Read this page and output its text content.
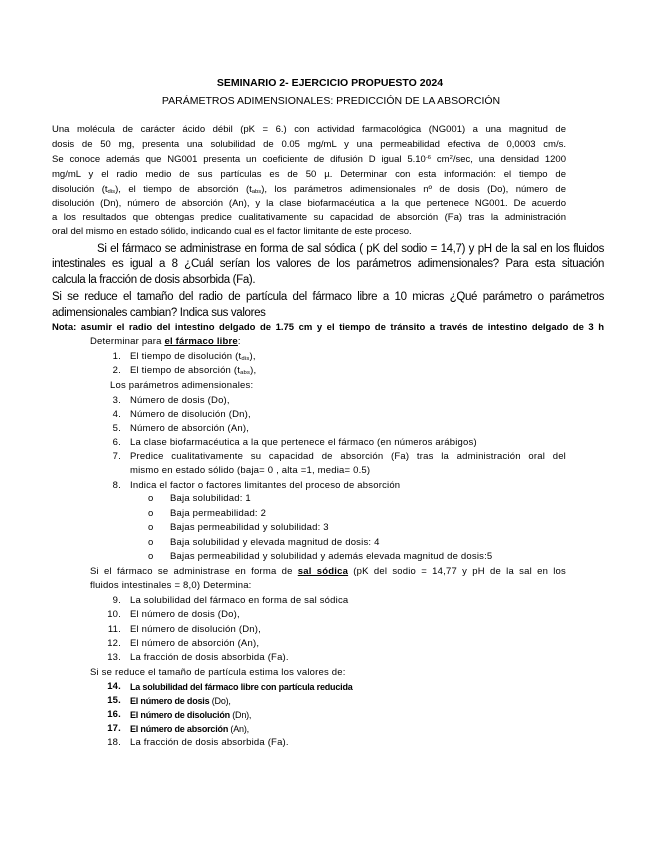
SEMINARIO 2- EJERCICIO PROPUESTO 2024
PARÁMETROS ADIMENSIONALES: PREDICCIÓN DE LA ABSORCIÓN
Una molécula de carácter ácido débil (pK = 6.) con actividad farmacológica (NG001) a una magnitud de
dosis de 50 mg, presenta una solubilidad de 0.05 mg/mL y una permeabilidad efectiva de 0,0003 cm/s.
Se conoce además que NG001 presenta un coeficiente de difusión D igual $5.10^{-6}$ $cm^2/\sec$, una densidad 1200
mg/mL y el radio medio de sus partículas es de 50 µ. Determinar con esta información: el tiempo de
disolución $(t_{dis})$, el tiempo de absorción $(t_{abs})$, los parámetros adimensionales nº de dosis (Do), número de
disolución (Dn), número de absorción (An), y la clase biofarmacéutica a la que pertenece NG001. De acuerdo
a los resultados que obtengas predice cualitativamente su capacidad de absorción (Fa) tras la administración
oral del mismo en estado sólido, indicando cual es el factor limitante de este proceso.
Si el fármaco se administrase en forma de sal sódica ( pK del sodio = 14,7) y pH de la sal en los fluidos
intestinales es igual a 8 ¿Cuál serían los valores de los parámetros adimensionales? Para esta situación
calcula la fracción de dosis absorbida (Fa).
Si se reduce el tamaño del radio de partícula del fármaco libre a 10 micras ¿Qué parámetro o parámetros
adimensionales cambian? Indica sus valores
Nota: asumir el radio del intestino delgado de 1.75 cm y el tiempo de tránsito a través de intestino delgado de 3 h
Determinar para el fármaco libre:
1. El tiempo de disolución $(t_{dis})$,
2. El tiempo de absorción $(t_{abs})$,
Los parámetros adimensionales:
3. Número de dosis (Do),
4. Número de disolución (Dn),
5. Número de absorción (An),
6. La clase biofarmacéutica a la que pertenece el fármaco (en números arábigos)
7. Predice cualitativamente su capacidad de absorción (Fa) tras la administración oral del
mismo en estado sólido (baja= 0 , alta =1, media= 0.5)
8. Indica el factor o factores limitantes del proceso de absorción
o Baja solubilidad: 1
o Baja permeabilidad: 2
o Bajas permeabilidad y solubilidad: 3
o Baja solubilidad y elevada magnitud de dosis: 4
o Bajas permeabilidad y solubilidad y además elevada magnitud de dosis:5
Si el fármaco se administrase en forma de sal sódica (pK del sodio = 14,77 y pH de la sal en los
fluidos intestinales = 8,0) Determina:
9. La solubilidad del fármaco en forma de sal sódica
10. El número de dosis (Do),
11. El número de disolución (Dn),
12. El número de absorción (An),
13. La fracción de dosis absorbida (Fa).
Si se reduce el tamaño de partícula estima los valores de:
14. La solubilidad del fármaco libre con partícula reducida
15. El número de dosis (Do),
16. El número de disolución (Dn),
17. El número de absorción (An),
18. La fracción de dosis absorbida (Fa).
